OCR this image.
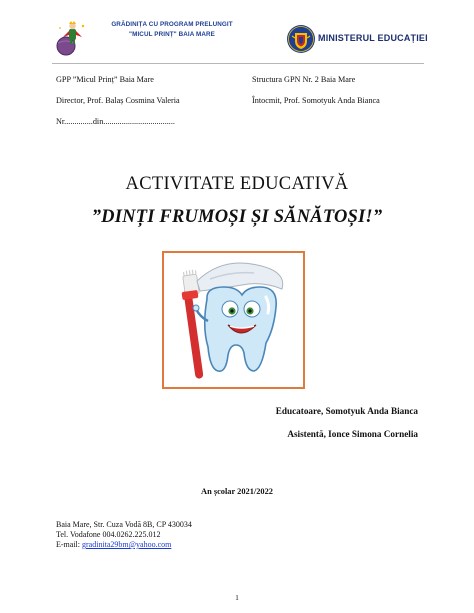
GRĂDINIȚA CU PROGRAM PRELUNGIT
"MICUL PRINȚ" BAIA MARE	MINISTERUL EDUCAȚIEI
GPP ”Micul Prinț” Baia Mare
Director, Prof. Balaș Cosmina Valeria
Nr..............din...................................
Structura GPN Nr. 2 Baia Mare
Întocmit, Prof. Somotyuk Anda Bianca
ACTIVITATE EDUCATIVĂ
”DINȚI FRUMOȘI ȘI SĂNĂTOȘI!”
Educatoare, Somotyuk Anda Bianca
Asistentă, Ionce Simona Cornelia
An școlar 2021/2022
Baia Mare, Str. Cuza Vodă 8B, CP 430034
Tel. Vodafone 004.0262.225.012
E-mail: gradinita29bm@yahoo.com
1
